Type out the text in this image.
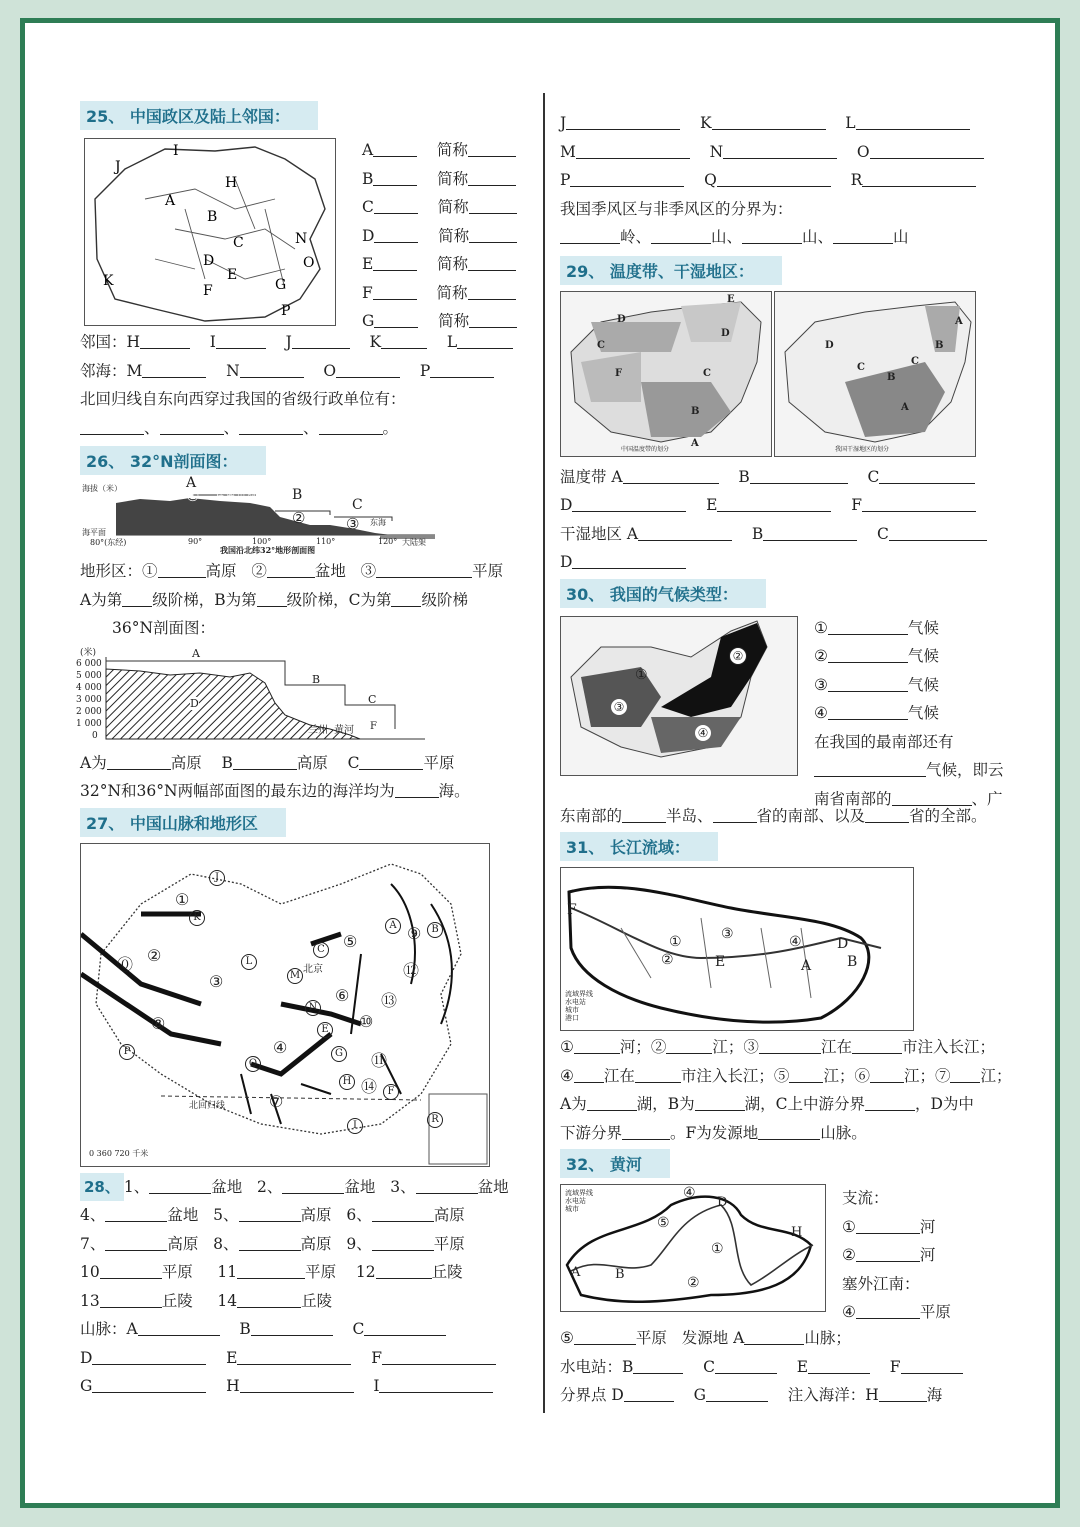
25、 中国政区及陆上邻国：
I
J
H
A
B
C	N
D
E
F
O
K
P
G
A	简称
B	简称
C	简称
D	简称
E	简称
F	简称
G	简称
邻国：H	I	J	K	L
邻海：M	N	O	P
北回归线自东向西穿过我国的省级行政单位有：
、	、	、	。
26、 32°N剖面图：
海拔（米）	A
B
C
喜马拉雅山脉	横 断 山 脉
①
②	③ 东海
海平面
80°(东经)	90°	100°	110°	120° 大陆架
我国沿北纬32°地形剖面图
地形区：①	高原 ②	盆地 ③	平原
A为第 级阶梯，B为第 级阶梯，C为第 级阶梯
36°N剖面图：
(米)
6 000
5 000
4 000
3 000
2 000
1 000
0
A
B
C
D
兰州 黄河 F
A为	高原 B	高原 C	平原
32°N和36°N两幅部面图的最东边的海洋均为	海。
27、 中国山脉和地形区
北京
北回归线
0 360 720 千米
J
K
L
M
N
C
A	B
E
G
H
I
F
P
Q
R
①
⓪ ②
③
⑤
⑥
⑦
⑧
⑨
⑩
⑪
⑫
⑬
⑭
④
28、 1、	盆地 2、	盆地 3、	盆地
4、	盆地 5、	高原 6、	高原
7、	高原 8、	高原 9、	平原
10	平原 11	平原 12	丘陵
13	丘陵 14	丘陵
山脉：A	B	C
D	E	F
G	H	I
J	K	L
M	N	O
P	Q	R
我国季风区与非季风区的分界为：
岭、	山、	山、	山
29、 温度带、干湿地区：
E
D
D
C
F	C
B
A
中国温度带的划分
A
B
D
C
B
C
A
我国干湿地区的划分
温度带 A	B	C
D	E	F
干湿地区 A	B	C
D
30、 我国的气候类型：
②
①
③
④
①	气候
②	气候
③	气候
④	气候
在我国的最南部还有
气候，即云
南省南部的	、广
东南部的	半岛、	省的南部、以及	省的全部。
31、 长江流域：
F
①
②
③	④
E	A	B
D
流域界线
水电站
城市
港口
①	河；②	江；③	江在	市注入长江；
④ 江在	市注入长江；⑤ 江；⑥ 江；⑦ 江；
A为	湖，B为	湖，C上中游分界	，D为中
下游分界	。F为发源地	山脉。
32、 黄河
A	B
D
①
②
④
⑤
H
流域界线
水电站
城市
支流：
①	河
②	河
塞外江南：
④	平原
⑤	平原 发源地 A	山脉；
水电站：B	C	E	F
分界点 D	G	注入海洋：H	海
